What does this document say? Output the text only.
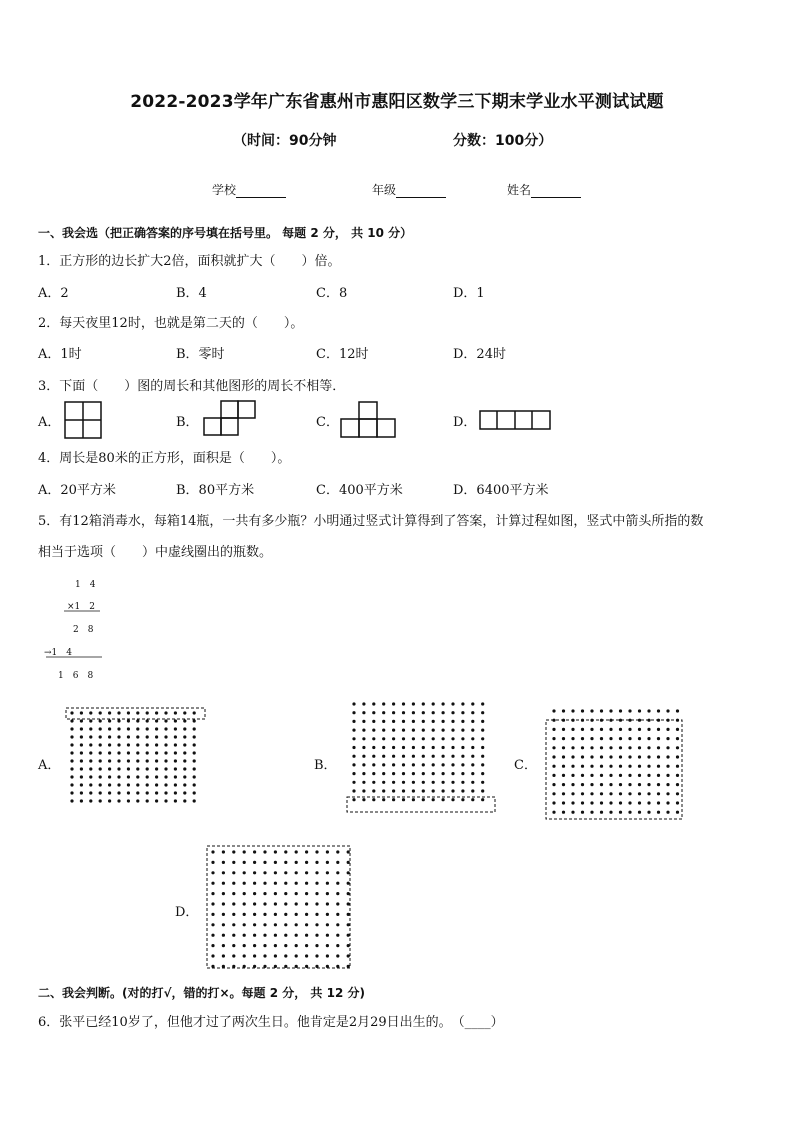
2022-2023学年广东省惠州市惠阳区数学三下期末学业水平测试试题
（时间：90分钟	分数：100分）
学校	年级	姓名
一、我会选（把正确答案的序号填在括号里。 每题 2 分， 共 10 分）
1．正方形的边长扩大2倍，面积就扩大（　　）倍。
A．2	B．4	C．8	D．1
2．每天夜里12时，也就是第二天的（　　）。
A．1时	B．零时	C．12时	D．24时
3．下面（　　）图的周长和其他图形的周长不相等．
A．	B．	C．	D．
4．周长是80米的正方形，面积是（　　）。
A．20平方米	B．80平方米	C．400平方米	D．6400平方米
5．有12箱消毒水，每箱14瓶，一共有多少瓶？小明通过竖式计算得到了答案，计算过程如图，竖式中箭头所指的数
相当于选项（　　）中虚线圈出的瓶数。
1　4
×1　2
2　8
→1　4
1　6　8
A．	B．	C．
D．
二、我会判断。(对的打√，错的打×。每题 2 分， 共 12 分)
6．张平已经10岁了，但他才过了两次生日。他肯定是2月29日出生的。　（____）
